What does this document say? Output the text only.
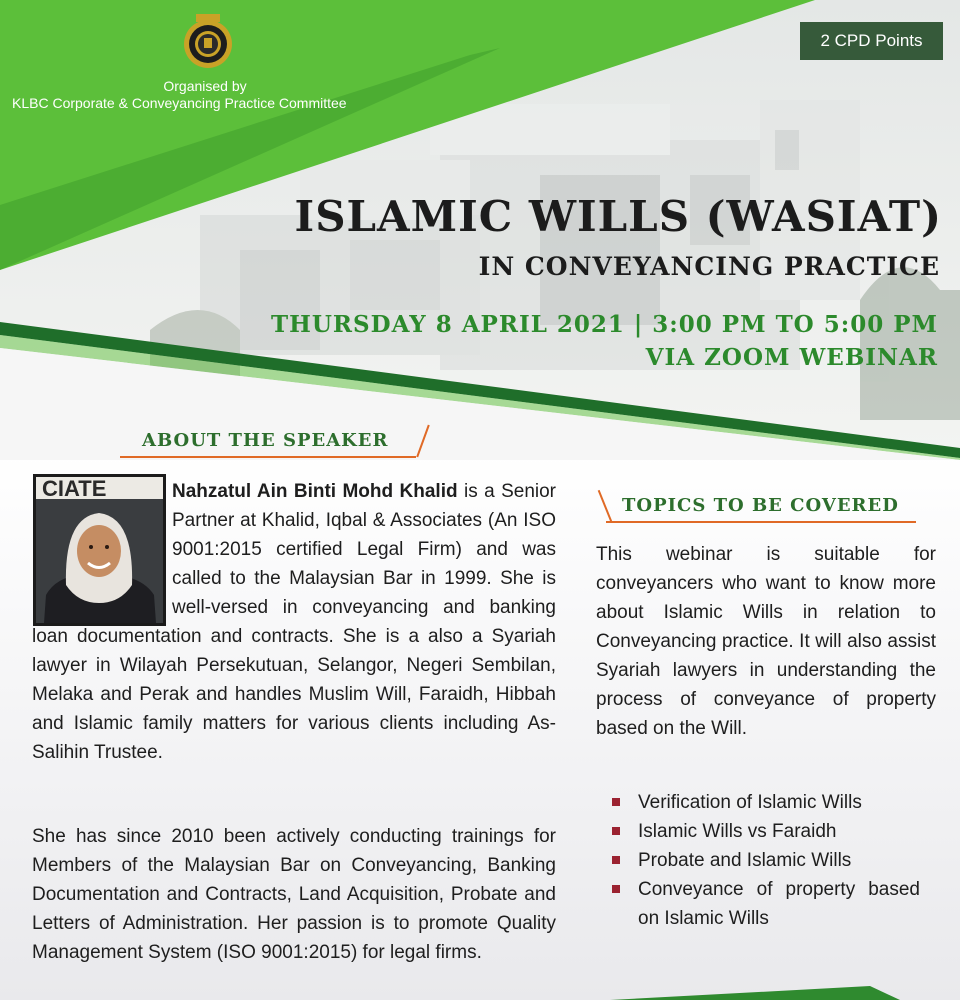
Organised by
KLBC Corporate & Conveyancing Practice Committee
2 CPD Points
ISLAMIC WILLS (WASIAT)
IN CONVEYANCING PRACTICE
THURSDAY 8 APRIL 2021 | 3:00 PM TO 5:00 PM
VIA ZOOM WEBINAR
ABOUT THE SPEAKER
CIATE	Nahzatul Ain Binti Mohd Khalid is a Senior Partner at Khalid, Iqbal & Associates (An ISO 9001:2015 certified Legal Firm) and was called to the Malaysian Bar in 1999. She is well-versed in conveyancing and banking loan documentation and contracts. She is a also a Syariah lawyer in Wilayah Persekutuan, Selangor, Negeri Sembilan, Melaka and Perak and handles Muslim Will, Faraidh, Hibbah and Islamic family matters for various clients including As-Salihin Trustee.

She has since 2010 been actively conducting trainings for Members of the Malaysian Bar on Conveyancing, Banking Documentation and Contracts, Land Acquisition, Probate and Letters of Administration. Her passion is to promote Quality Management System (ISO 9001:2015) for legal firms.

TOPICS TO BE COVERED

This webinar is suitable for conveyancers who want to know more about Islamic Wills in relation to Conveyancing practice. It will also assist Syariah lawyers in understanding the process of conveyance of property based on the Will.

Verification of Islamic Wills
Islamic Wills vs Faraidh
Probate and Islamic Wills
Conveyance of property based on Islamic Wills
